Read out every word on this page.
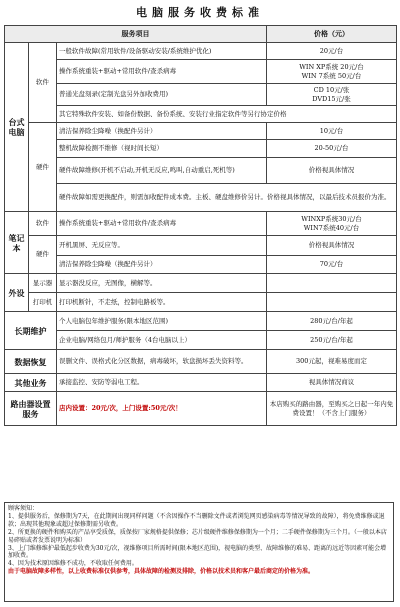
电脑服务收费标准
服务项目			价格（元）
台式电脑	软件	一般软件故障(常用软件/设备驱动安装/系统维护优化)	20元/台
		操作系统重装+驱动+常用软件/查杀病毒	WIN XP系统 20元/台
WIN 7系统 50元/台

		普通光盘刻录(定制光盘另外加收费用)	CD 10元/张
DVD15元/张

		其它特殊软件安装、如备份数据、备份系统、安装行业指定软件等另行协定价格	
	硬件	清洁保养除尘降噪（换配件另计）	10元/台
		整机故障检测不维修（视时间长短）	20-50元/台
		硬件故障维修(开机不启动,开机无反应,鸣叫,自动重启,死机等)	价格视具体情况
		硬件故障如需更换配件，则需加收配件成本费。主板、硬盘维修价另计。价格视具体情况，以最后技术员报价为准。	
笔记本	软件	操作系统重装+驱动+常用软件/查杀病毒	WINXP系统30元/台
WIN7系统40元/台

	硬件	开机黑屏、无反应等。	价格视具体情况
		清洁保养除尘降噪（换配件另计）	70元/台
外设	显示器	显示器没反应，无图像，横解等。	
	打印机	打印机断针，不走纸，控制电路板等。	
长期维护		个人电脑包年维护服务(限本地区范围)	280元/台/年起
		企业电脑/网络包月/师护服务（4台电脑以上）	250元/台/年起
数据恢复		误删文件、误格式化分区数据，病毒破坏，软盘损坏丢失资料等。	300元起，视难易度而定
其他业务		承接监控、安防等弱电工程。	视具体情况商议
路由器设置服务		店内设置：20元/次，上门设置:50元/次！	本店购买的路由器，至购买之日起一年内免费设置！（不含上门服务）
顾客须知：
1、提供服务后，保修期为7天，在此期间出现同样问题（不含因操作不当删除文件或者浏览网页感染病毒等情况导致的故障），将免费维修或退款；出现其他现象或超过保修期需另收费。
2、所更换的硬件和购买的产品享受质保，质保按厂家规格提供保修；芯片级硬件维修保修期为一个月；二手硬件保修期为三个月。（一般以本店易碎贴或者发票说明为标准）
3、上门维修维护最低起步收费为30元/次，视维修项目所需时间(限本地区范围)，视电脑的类型、故障维修的难易、距离的远近等因素可能会增加收费。
4、因为技术原因维修不成功，不收取任何费用。
由于电脑故障多样性，以上收费标准仅供参考，具体故障的检测及排除，价格以技术员和客户最后商定的价格为准。
